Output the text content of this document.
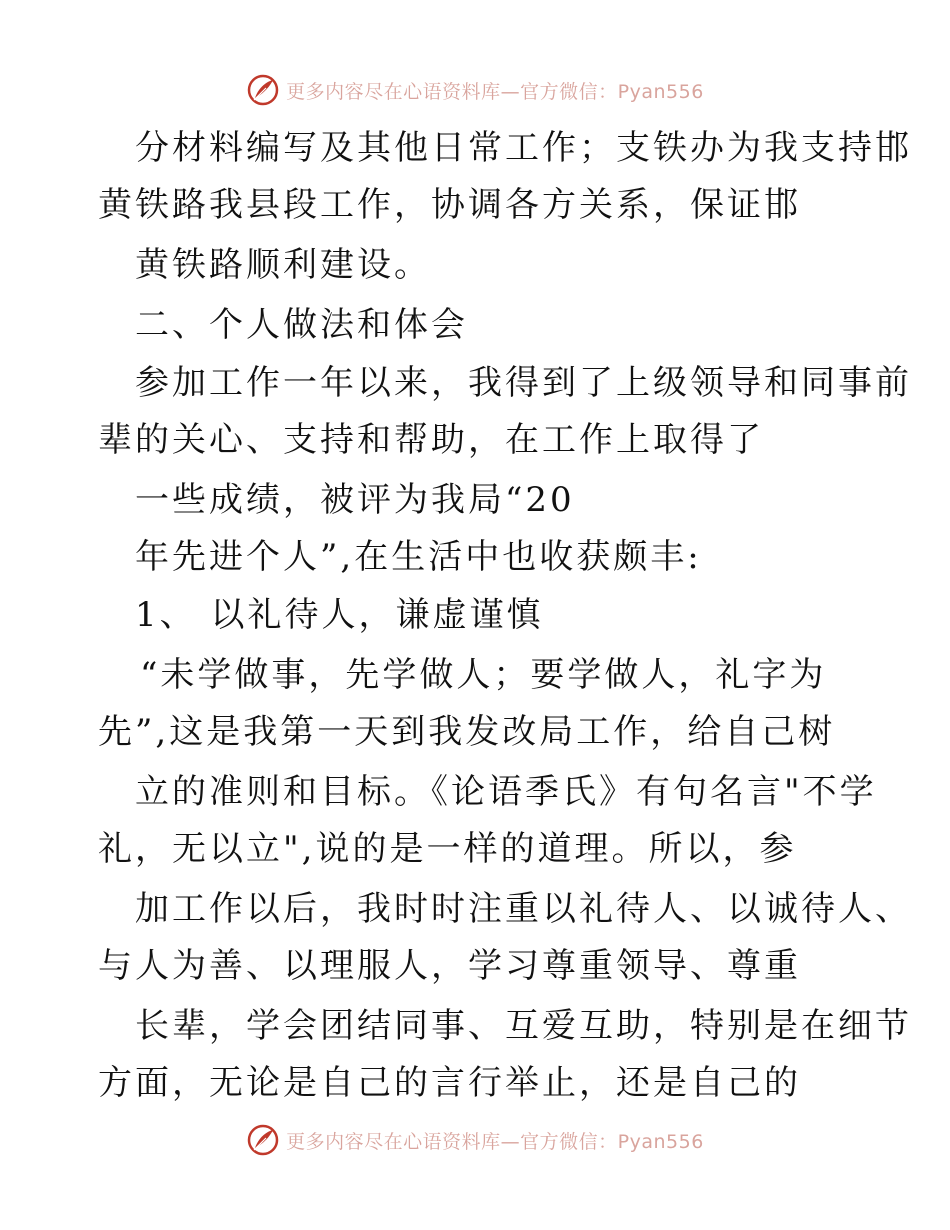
更多内容尽在心语资料库—官方微信：Pyan556
分材料编写及其他日常工作；支铁办为我支持邯
黄铁路我县段工作，协调各方关系，保证邯
黄铁路顺利建设。
二、个人做法和体会
参加工作一年以来，我得到了上级领导和同事前
辈的关心、支持和帮助，在工作上取得了
一些成绩，被评为我局“20
年先进个人”,在生活中也收获颇丰:
1、 以礼待人，谦虚谨慎
“未学做事，先学做人；要学做人，礼字为
先”,这是我第一天到我发改局工作，给自己树
立的准则和目标。《论语季氏》有句名言"不学
礼，无以立",说的是一样的道理。所以，参
加工作以后，我时时注重以礼待人、以诚待人、
与人为善、以理服人，学习尊重领导、尊重
长辈，学会团结同事、互爱互助，特别是在细节
方面，无论是自己的言行举止，还是自己的
更多内容尽在心语资料库—官方微信：Pyan556
